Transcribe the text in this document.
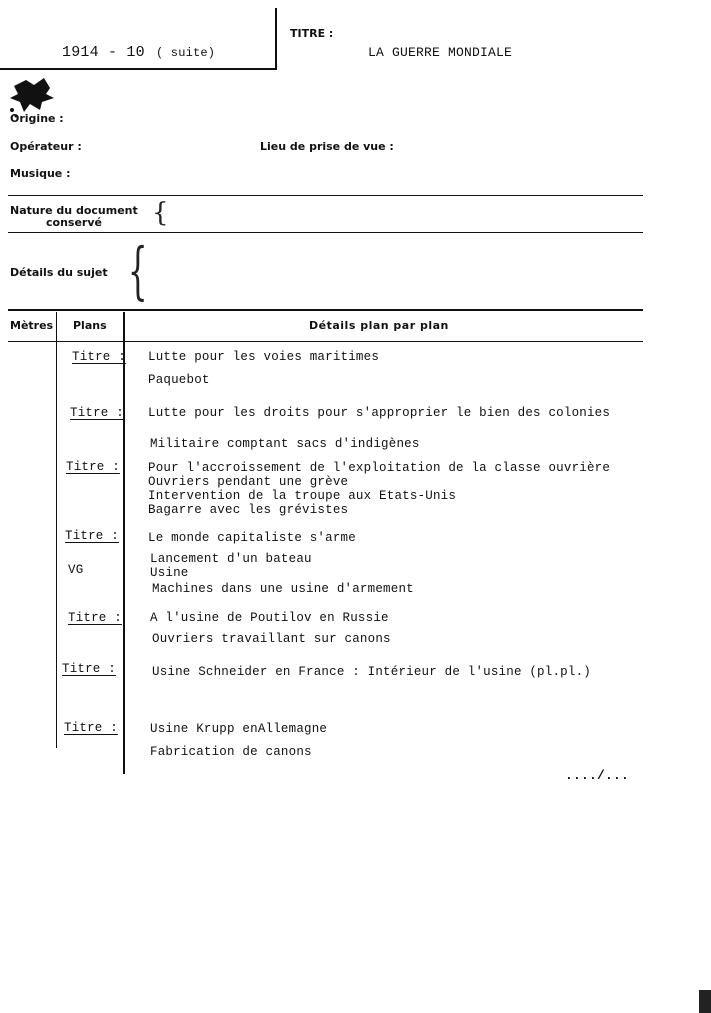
1914 - 10 ( suite)
TITRE :
LA GUERRE MONDIALE
Origine :
Opérateur :	Lieu de prise de vue :
Musique :
Nature du document
conservé {
Détails du sujet {
Mètres Plans	Détails plan par plan
Titre : Lutte pour les voies maritimes
Paquebot
Titre : Lutte pour les droits pour s'approprier le bien des colonies
Militaire comptant sacs d'indigènes
Titre : Pour l'accroissement de l'exploitation de la classe ouvrière
Ouvriers pendant une grève
Intervention de la troupe aux Etats-Unis
Bagarre avec les grévistes
Titre : Le monde capitaliste s'arme
VG
Lancement d'un bateau
Usine
Machines dans une usine d'armement
Titre : A l'usine de Poutilov en Russie
Ouvriers travaillant sur canons
Titre :	Usine Schneider en France : Intérieur de l'usine (pl.pl.)
Titre :	Usine Krupp enAllemagne
Fabrication de canons
..../...
